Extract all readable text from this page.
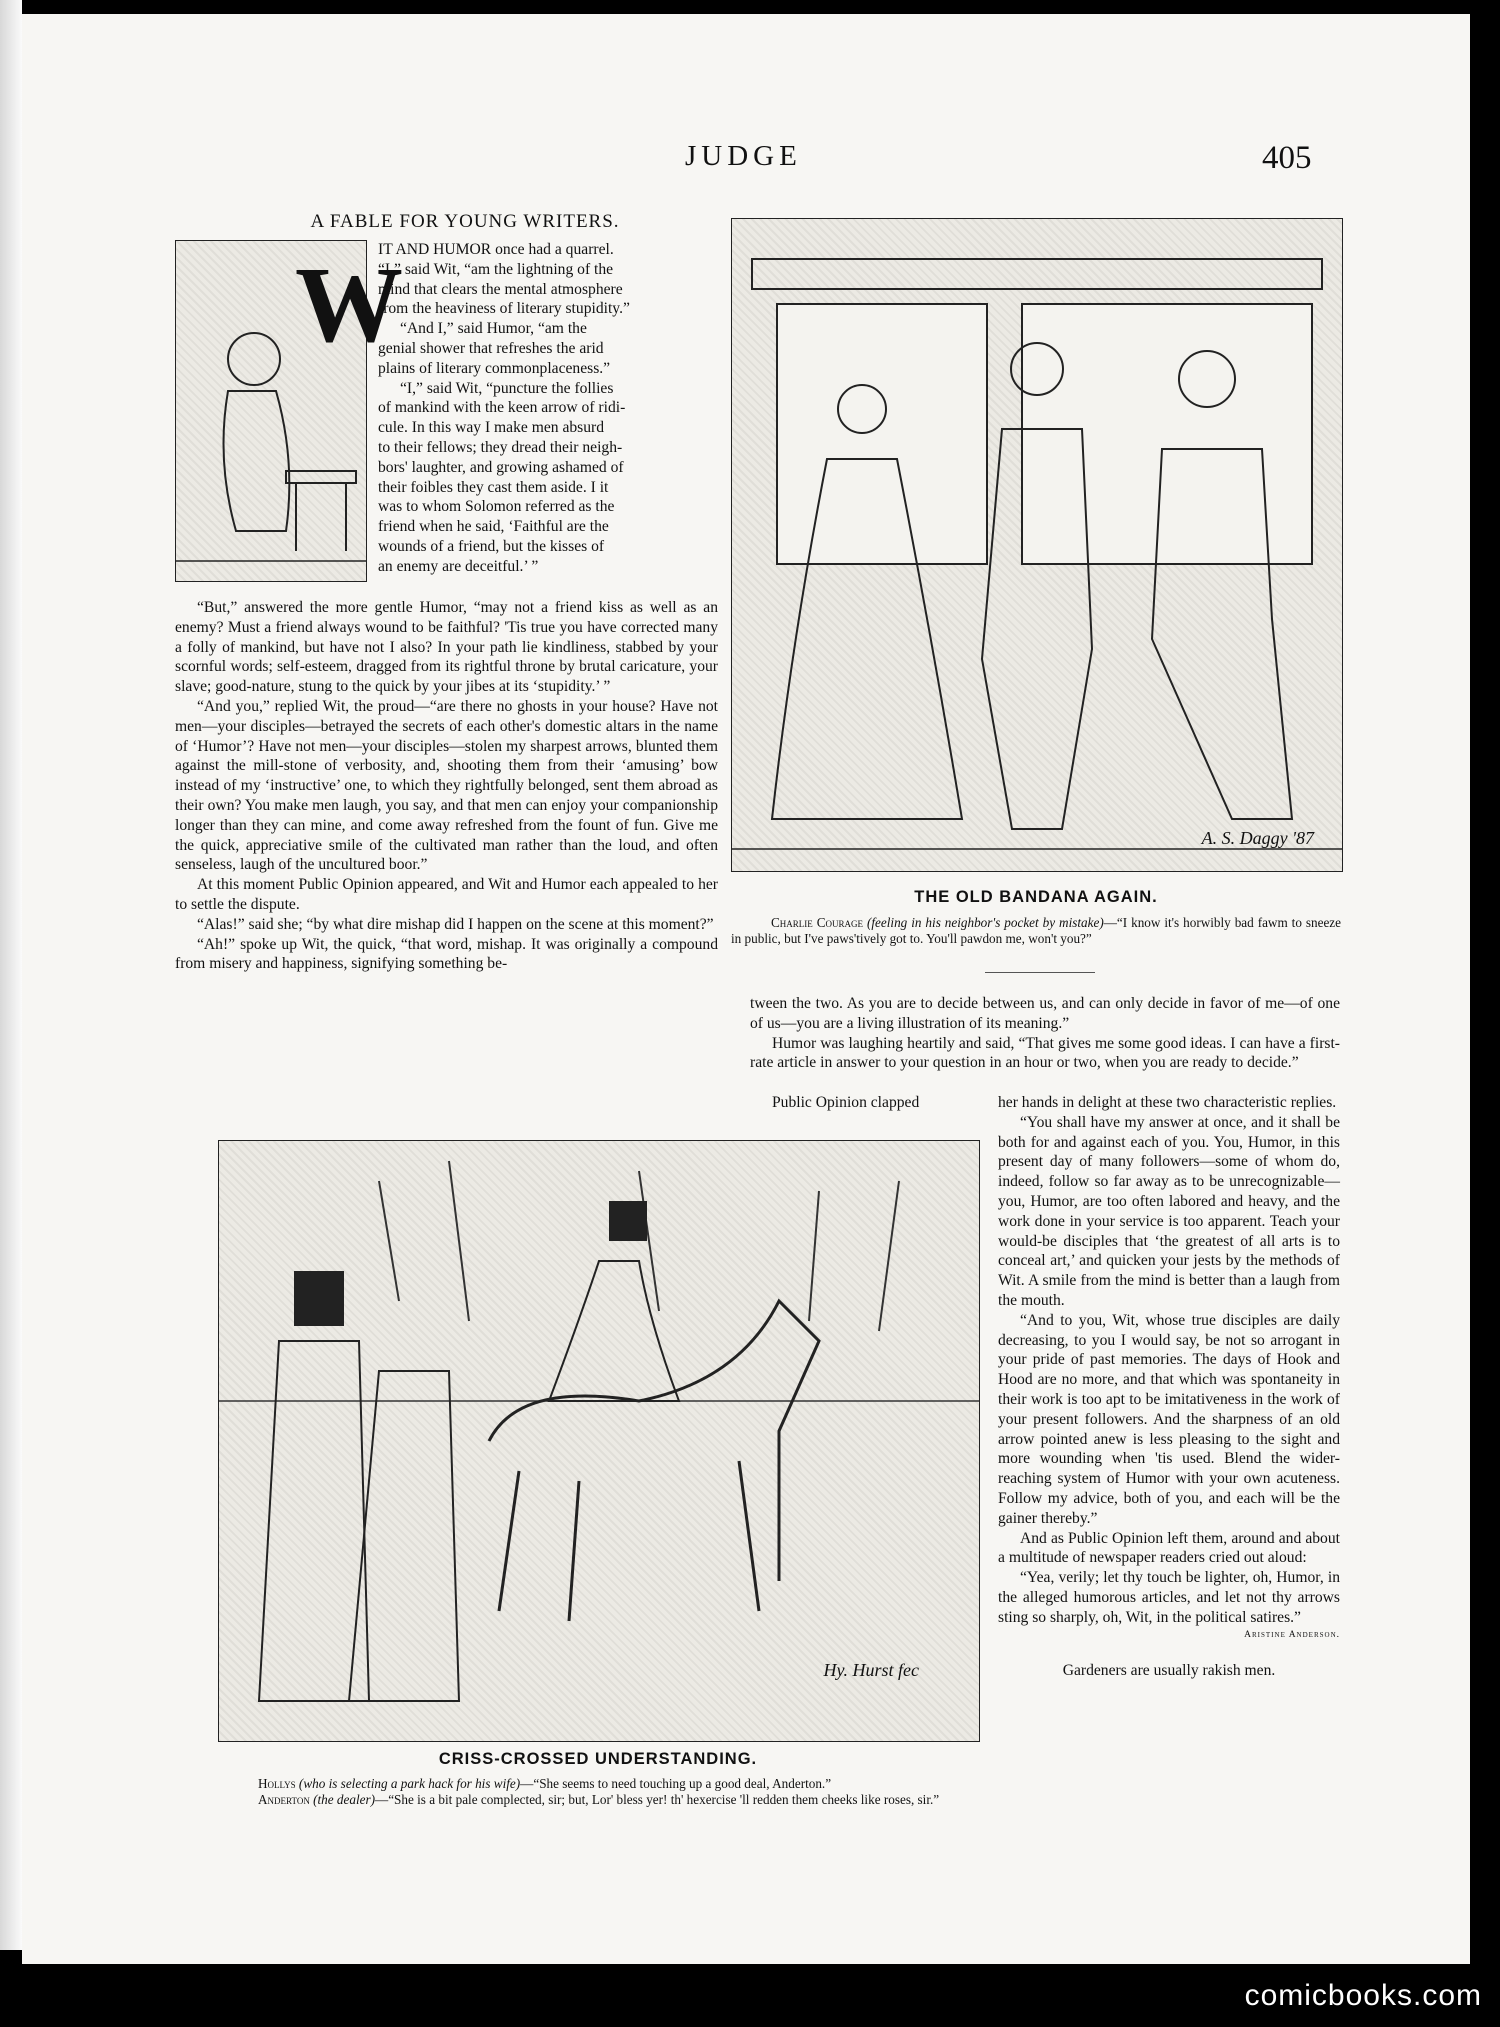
JUDGE	405
A FABLE FOR YOUNG WRITERS.
W
IT AND HUMOR once had a quarrel.
“I,” said Wit, “am the lightning of the
mind that clears the mental atmosphere
from the heaviness of literary stupidity.”
“And I,” said Humor, “am the
genial shower that refreshes the arid
plains of literary commonplaceness.”
“I,” said Wit, “puncture the follies
of mankind with the keen arrow of ridi-
cule. In this way I make men absurd
to their fellows; they dread their neigh-
bors' laughter, and growing ashamed of
their foibles they cast them aside. I it
was to whom Solomon referred as the
friend when he said, ‘Faithful are the
wounds of a friend, but the kisses of
an enemy are deceitful.’ ”

“But,” answered the more gentle Humor, “may not a friend kiss as well as an enemy? Must a friend always wound to be faithful? 'Tis true you have corrected many a folly of mankind, but have not I also? In your path lie kindliness, stabbed by your scornful words; self-esteem, dragged from its rightful throne by brutal caricature, your slave; good-nature, stung to the quick by your jibes at its ‘stupidity.’ ”

“And you,” replied Wit, the proud—“are there no ghosts in your house? Have not men—your disciples—betrayed the secrets of each other's domestic altars in the name of ‘Humor’? Have not men—your disciples—stolen my sharpest arrows, blunted them against the mill-stone of verbosity, and, shooting them from their ‘amusing’ bow instead of my ‘instructive’ one, to which they rightfully belonged, sent them abroad as their own? You make men laugh, you say, and that men can enjoy your companionship longer than they can mine, and come away refreshed from the fount of fun. Give me the quick, appreciative smile of the cultivated man rather than the loud, and often senseless, laugh of the uncultured boor.”

At this moment Public Opinion appeared, and Wit and Humor each appealed to her to settle the dispute.

“Alas!” said she; “by what dire mishap did I happen on the scene at this moment?”

“Ah!” spoke up Wit, the quick, “that word, mishap. It was originally a compound from misery and happiness, signifying something be-

A. S. Daggy '87
THE OLD BANDANA AGAIN.
Charlie Courage (feeling in his neighbor's pocket by mistake)—“I know it's horwibly bad fawm to sneeze in public, but I've paws'tively got to. You'll pawdon me, won't you?”

tween the two. As you are to decide between us, and can only decide in favor of me—of one of us—you are a living illustration of its meaning.”

Humor was laughing heartily and said, “That gives me some good ideas. I can have a first-rate article in answer to your question in an hour or two, when you are ready to decide.”

Public Opinion clapped	her hands in delight at these two characteristic replies.

“You shall have my answer at once, and it shall be both for and against each of you. You, Humor, in this present day of many followers—some of whom do, indeed, follow so far away as to be unrecognizable—you, Humor, are too often labored and heavy, and the work done in your service is too apparent. Teach your would-be disciples that ‘the greatest of all arts is to conceal art,’ and quicken your jests by the methods of Wit. A smile from the mind is better than a laugh from the mouth.

“And to you, Wit, whose true disciples are daily decreasing, to you I would say, be not so arrogant in your pride of past memories. The days of Hook and Hood are no more, and that which was spontaneity in their work is too apt to be imitativeness in the work of your present followers. And the sharpness of an old arrow pointed anew is less pleasing to the sight and more wounding when 'tis used. Blend the wider-reaching system of Humor with your own acuteness. Follow my advice, both of you, and each will be the gainer thereby.”

And as Public Opinion left them, around and about a multitude of newspaper readers cried out aloud:

“Yea, verily; let thy touch be lighter, oh, Humor, in the alleged humorous articles, and let not thy arrows sting so sharply, oh, Wit, in the political satires.”

Aristine Anderson.
Gardeners are usually rakish men.
Hy. Hurst fec
CRISS-CROSSED UNDERSTANDING.
Hollys (who is selecting a park hack for his wife)—“She seems to need touching up a good deal, Anderton.”
Anderton (the dealer)—“She is a bit pale complected, sir; but, Lor' bless yer! th' hexercise 'll redden them cheeks like roses, sir.”
comicbooks.com
